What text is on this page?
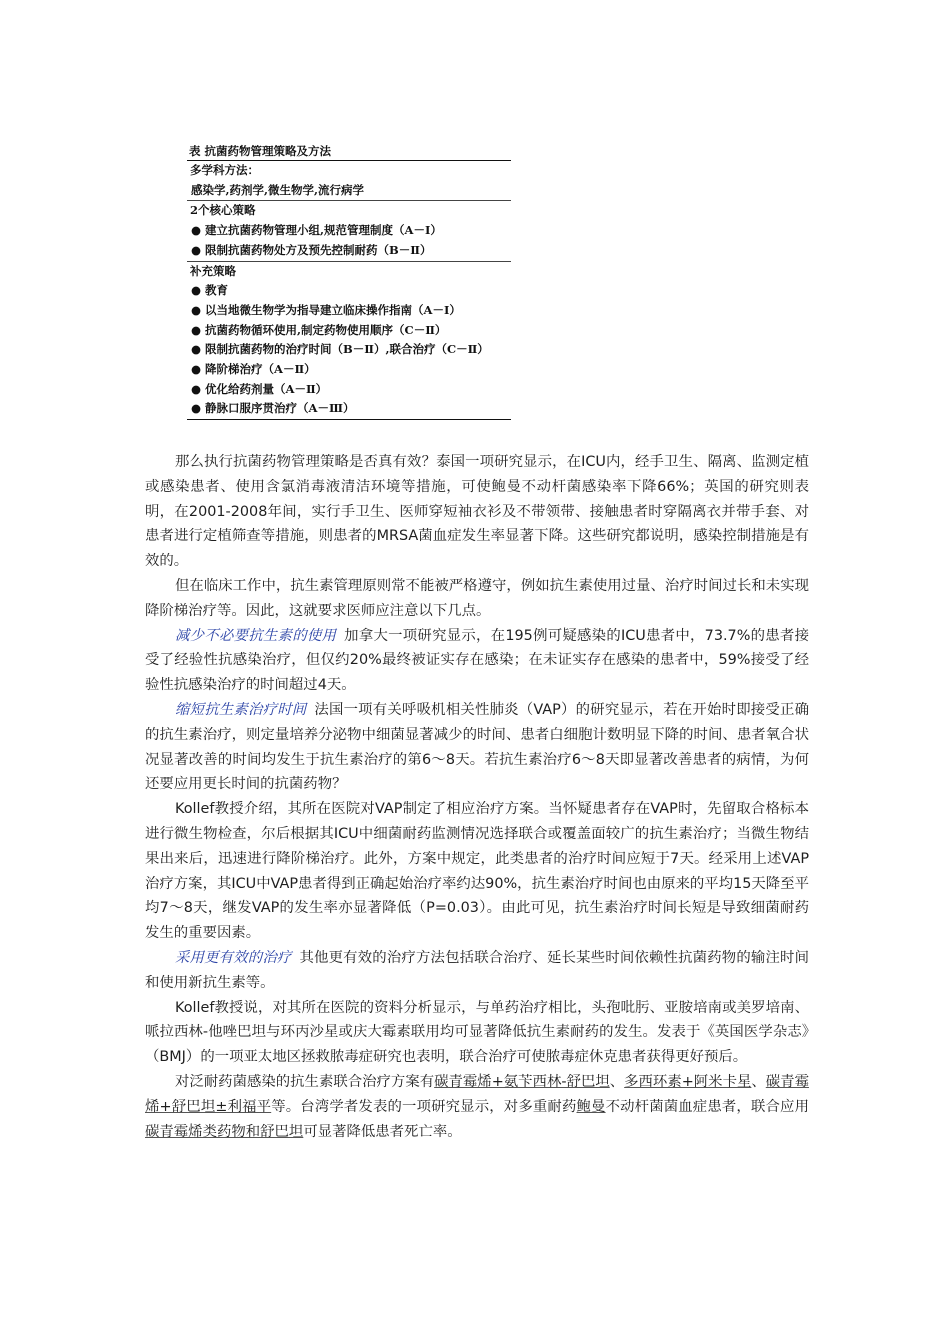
表 抗菌药物管理策略及方法
多学科方法：
感染学,药剂学,微生物学,流行病学
2个核心策略
● 建立抗菌药物管理小组,规范管理制度（A－Ⅰ）
● 限制抗菌药物处方及预先控制耐药（B－Ⅱ）
补充策略
● 教育
● 以当地微生物学为指导建立临床操作指南（A－Ⅰ）
● 抗菌药物循环使用,制定药物使用顺序（C－Ⅱ）
● 限制抗菌药物的治疗时间（B－Ⅱ）,联合治疗（C－Ⅱ）
● 降阶梯治疗（A－Ⅱ）
● 优化给药剂量（A－Ⅱ）
● 静脉口服序贯治疗（A－Ⅲ）

那么执行抗菌药物管理策略是否真有效？泰国一项研究显示，在ICU内，经手卫生、隔离、监测定植或感染患者、使用含氯消毒液清洁环境等措施，可使鲍曼不动杆菌感染率下降66%；英国的研究则表明，在2001-2008年间，实行手卫生、医师穿短袖衣衫及不带领带、接触患者时穿隔离衣并带手套、对患者进行定植筛查等措施，则患者的MRSA菌血症发生率显著下降。这些研究都说明，感染控制措施是有效的。

但在临床工作中，抗生素管理原则常不能被严格遵守，例如抗生素使用过量、治疗时间过长和未实现降阶梯治疗等。因此，这就要求医师应注意以下几点。

减少不必要抗生素的使用 加拿大一项研究显示，在195例可疑感染的ICU患者中，73.7%的患者接受了经验性抗感染治疗，但仅约20%最终被证实存在感染；在未证实存在感染的患者中，59%接受了经验性抗感染治疗的时间超过4天。

缩短抗生素治疗时间 法国一项有关呼吸机相关性肺炎（VAP）的研究显示，若在开始时即接受正确的抗生素治疗，则定量培养分泌物中细菌显著减少的时间、患者白细胞计数明显下降的时间、患者氧合状况显著改善的时间均发生于抗生素治疗的第6～8天。若抗生素治疗6～8天即显著改善患者的病情，为何还要应用更长时间的抗菌药物？

Kollef教授介绍，其所在医院对VAP制定了相应治疗方案。当怀疑患者存在VAP时，先留取合格标本进行微生物检查，尔后根据其ICU中细菌耐药监测情况选择联合或覆盖面较广的抗生素治疗；当微生物结果出来后，迅速进行降阶梯治疗。此外，方案中规定，此类患者的治疗时间应短于7天。经采用上述VAP治疗方案，其ICU中VAP患者得到正确起始治疗率约达90%，抗生素治疗时间也由原来的平均15天降至平均7～8天，继发VAP的发生率亦显著降低（P=0.03）。由此可见，抗生素治疗时间长短是导致细菌耐药发生的重要因素。

采用更有效的治疗 其他更有效的治疗方法包括联合治疗、延长某些时间依赖性抗菌药物的输注时间和使用新抗生素等。

Kollef教授说，对其所在医院的资料分析显示，与单药治疗相比，头孢吡肟、亚胺培南或美罗培南、哌拉西林-他唑巴坦与环丙沙星或庆大霉素联用均可显著降低抗生素耐药的发生。发表于《英国医学杂志》（BMJ）的一项亚太地区拯救脓毒症研究也表明，联合治疗可使脓毒症休克患者获得更好预后。

对泛耐药菌感染的抗生素联合治疗方案有碳青霉烯+氨苄西林-舒巴坦、多西环素+阿米卡星、碳青霉烯+舒巴坦±利福平等。台湾学者发表的一项研究显示，对多重耐药鲍曼不动杆菌菌血症患者，联合应用碳青霉烯类药物和舒巴坦可显著降低患者死亡率。
